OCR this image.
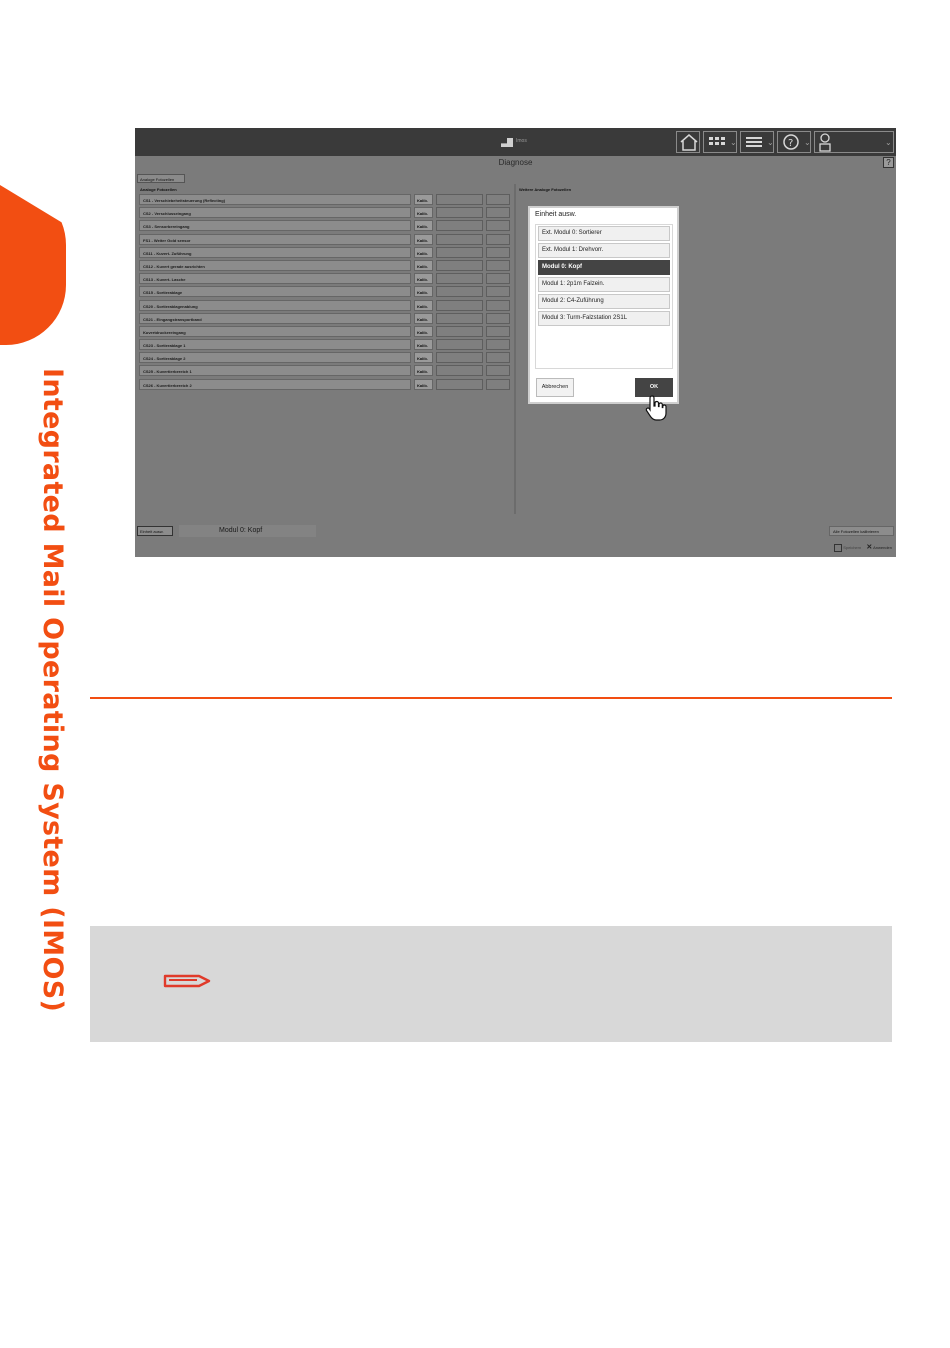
Integrated Mail Operating System (IMOS)
Imos	⌄	⌄ ? ⌄	⌄
Diagnose	?
Analoge Fotozellen
Analoge Fotozellen	Weitere Analoge Fotozellen
CS1 - Verschiebeheitsteuerung (Reflecting)	Kalib.
CS2 - Verschlusseingang	Kalib.
CS3 - Sensorbereingang	Kalib.
FS1 - Weiter Gold sensor	Kalib.
CS11 - Kuvert- Zuführung	Kalib.
CS12 - Kuvert gerade ausrichten	Kalib.
CS13 - Kuvert- Lasche	Kalib.
CS15 - Sortierablage	Kalib.
CS20 - Sortierablagenablung	Kalib.
CS21 - Eingangstransportband	Kalib.
Kuvertdruckereingang	Kalib.
CS23 - Sortierablage 1	Kalib.
CS24 - Sortierablage 2	Kalib.
CS25 - Kuvertierbereich 1	Kalib.
CS26 - Kuvertierbereich 2	Kalib.
Einheit ausw.
Ext. Modul 0: Sortierer
Ext. Modul 1: Drehvorr.
Modul 0: Kopf
Modul 1: 2p1m Falzein.
Modul 2: C4-Zuführung
Modul 3: Turm-Falzstation 2S1L
Abbrechen	OK
Einheit ausw.	Modul 0: Kopf	Alle Fotozellen kalibrieren
Speichern ✕ Anwenden
